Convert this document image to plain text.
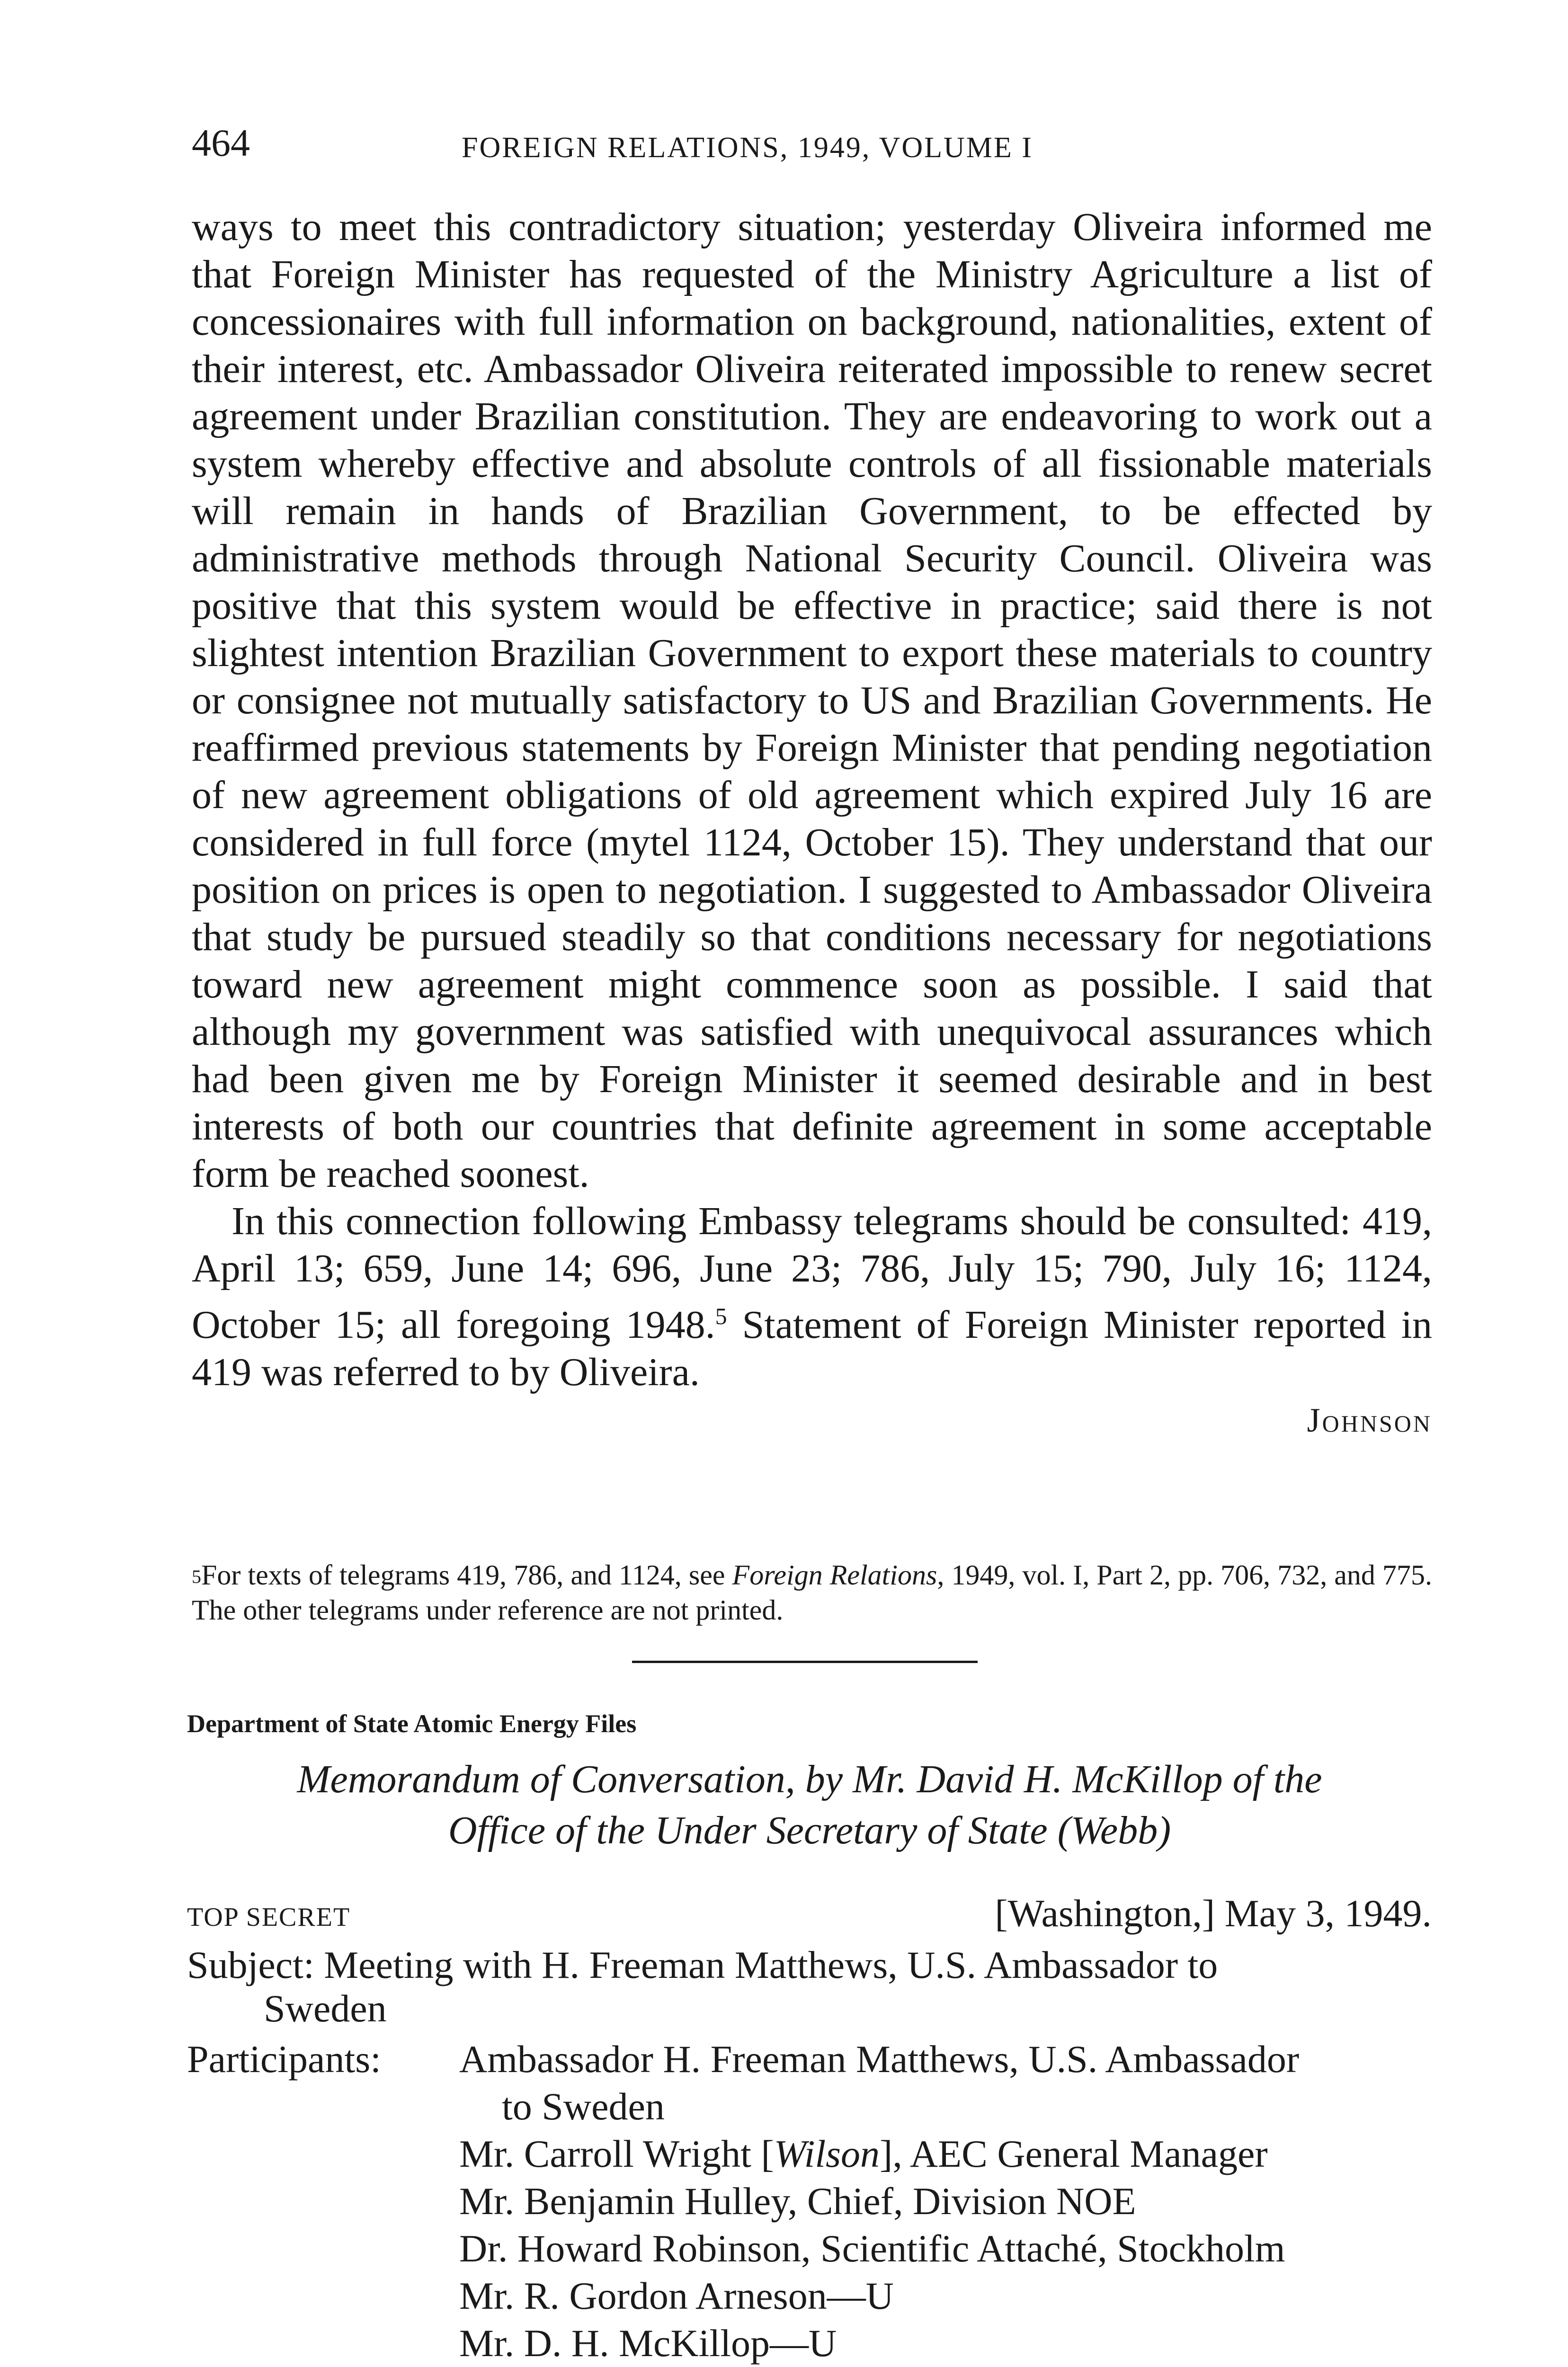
464	FOREIGN RELATIONS, 1949, VOLUME I

ways to meet this contradictory situation; yesterday Oliveira informed me that Foreign Minister has requested of the Ministry Agriculture a list of concessionaires with full information on background, nationalities, extent of their interest, etc. Ambassador Oliveira reiterated impossible to renew secret agreement under Brazilian constitution. They are endeavoring to work out a system whereby effective and absolute controls of all fissionable materials will remain in hands of Brazilian Government, to be effected by administrative methods through National Security Council. Oliveira was positive that this system would be effective in practice; said there is not slightest intention Brazilian Government to export these materials to country or consignee not mutually satisfactory to US and Brazilian Governments. He reaffirmed previous statements by Foreign Minister that pending negotiation of new agreement obligations of old agreement which expired July 16 are considered in full force (mytel 1124, October 15). They understand that our position on prices is open to negotiation. I suggested to Ambassador Oliveira that study be pursued steadily so that conditions necessary for negotiations toward new agreement might commence soon as possible. I said that although my government was satisfied with unequivocal assurances which had been given me by Foreign Minister it seemed desirable and in best interests of both our countries that definite agreement in some acceptable form be reached soonest.

In this connection following Embassy telegrams should be consulted: 419, April 13; 659, June 14; 696, June 23; 786, July 15; 790, July 16; 1124, October 15; all foregoing 1948.$^5$ Statement of Foreign Minister reported in 419 was referred to by Oliveira.

Johnson
$^5$For texts of telegrams 419, 786, and 1124, see Foreign Relations, 1949, vol. I, Part 2, pp. 706, 732, and 775. The other telegrams under reference are not printed.
Department of State Atomic Energy Files
Memorandum of Conversation, by Mr. David H. McKillop of the
Office of the Under Secretary of State (Webb)
TOP SECRET	[Washington,] May 3, 1949.
Subject: Meeting with H. Freeman Matthews, U.S. Ambassador to
Sweden
Participants: Ambassador H. Freeman Matthews, U.S. Ambassador
to Sweden
Mr. Carroll Wright [Wilson], AEC General Manager
Mr. Benjamin Hulley, Chief, Division NOE
Dr. Howard Robinson, Scientific Attaché, Stockholm
Mr. R. Gordon Arneson—U
Mr. D. H. McKillop—U
